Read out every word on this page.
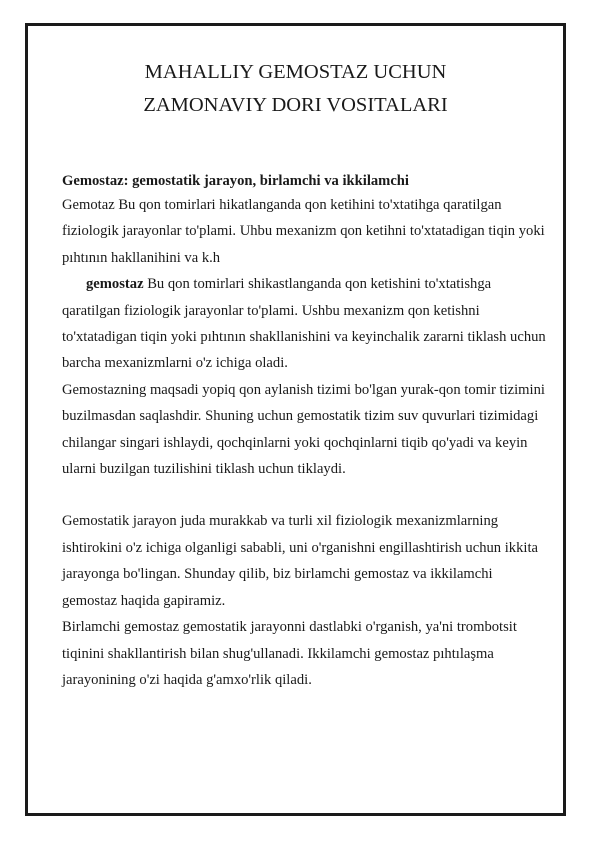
MAHALLIY GEMOSTAZ UCHUN
ZAMONAVIY DORI VOSITALARI

Gemostaz: gemostatik jarayon, birlamchi va ikkilamchi

Gemotaz Bu qon tomirlari hikatlanganda qon ketihini to'xtatihga qaratilgan fiziologik jarayonlar to'plami. Uhbu mexanizm qon ketihni to'xtatadigan tiqin yoki pıhtının hakllanihini va k.h

gemostaz Bu qon tomirlari shikastlanganda qon ketishini to'xtatishga qaratilgan fiziologik jarayonlar to'plami. Ushbu mexanizm qon ketishni to'xtatadigan tiqin yoki pıhtının shakllanishini va keyinchalik zararni tiklash uchun barcha mexanizmlarni o'z ichiga oladi.

Gemostazning maqsadi yopiq qon aylanish tizimi bo'lgan yurak-qon tomir tizimini buzilmasdan saqlashdir. Shuning uchun gemostatik tizim suv quvurlari tizimidagi chilangar singari ishlaydi, qochqinlarni yoki qochqinlarni tiqib qo'yadi va keyin ularni buzilgan tuzilishini tiklash uchun tiklaydi.

Gemostatik jarayon juda murakkab va turli xil fiziologik mexanizmlarning ishtirokini o'z ichiga olganligi sababli, uni o'rganishni engillashtirish uchun ikkita jarayonga bo'lingan. Shunday qilib, biz birlamchi gemostaz va ikkilamchi gemostaz haqida gapiramiz.

Birlamchi gemostaz gemostatik jarayonni dastlabki o'rganish, ya'ni trombotsit tiqinini shakllantirish bilan shug'ullanadi. Ikkilamchi gemostaz pıhtılaşma jarayonining o'zi haqida g'amxo'rlik qiladi.
